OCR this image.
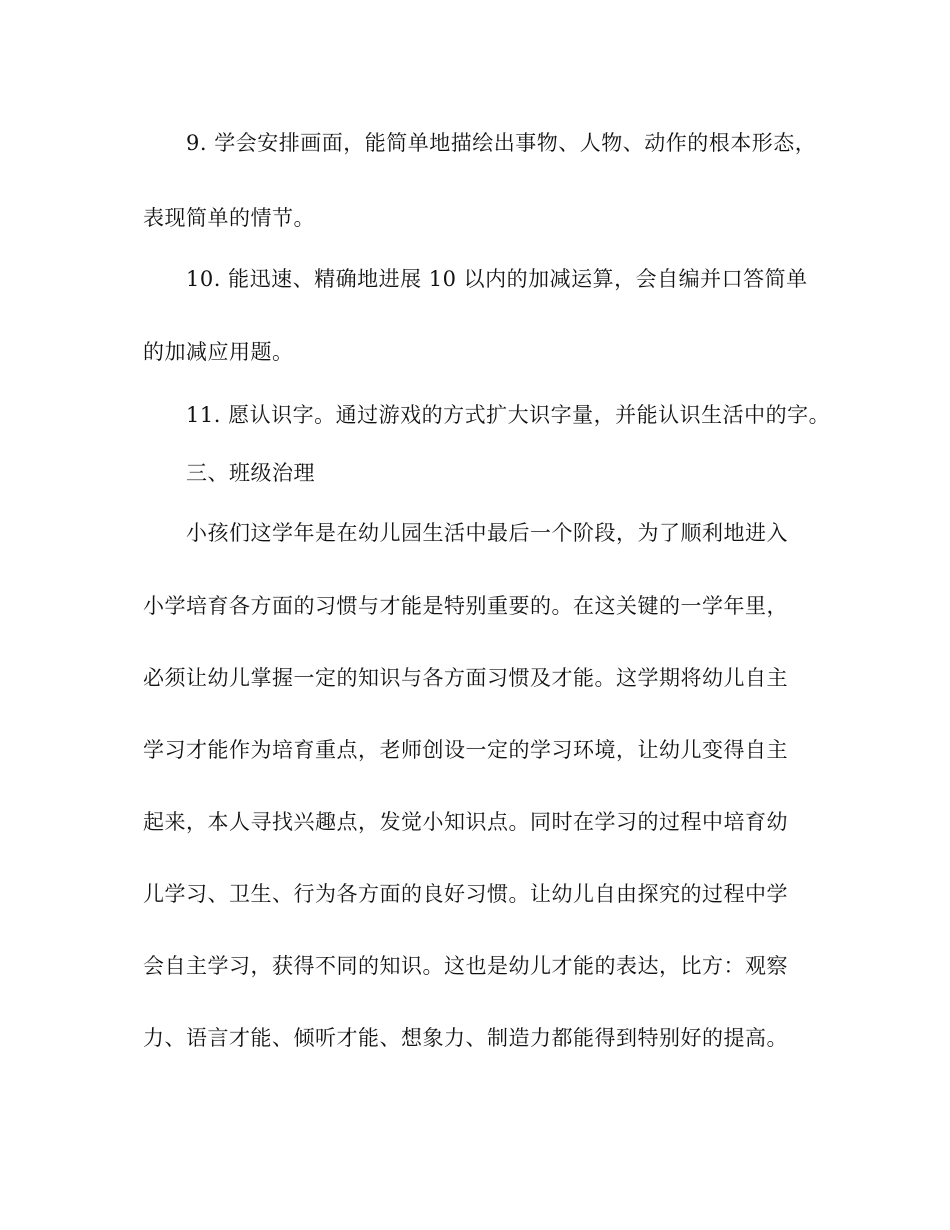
9. 学会安排画面，能简单地描绘出事物、人物、动作的根本形态，
表现简单的情节。
10. 能迅速、精确地进展 10 以内的加减运算，会自编并口答简单
的加减应用题。
11. 愿认识字。通过游戏的方式扩大识字量，并能认识生活中的字。
三、班级治理
小孩们这学年是在幼儿园生活中最后一个阶段，为了顺利地进入
小学培育各方面的习惯与才能是特别重要的。在这关键的一学年里，
必须让幼儿掌握一定的知识与各方面习惯及才能。这学期将幼儿自主
学习才能作为培育重点，老师创设一定的学习环境，让幼儿变得自主
起来，本人寻找兴趣点，发觉小知识点。同时在学习的过程中培育幼
儿学习、卫生、行为各方面的良好习惯。让幼儿自由探究的过程中学
会自主学习，获得不同的知识。这也是幼儿才能的表达，比方：观察
力、语言才能、倾听才能、想象力、制造力都能得到特别好的提高。
